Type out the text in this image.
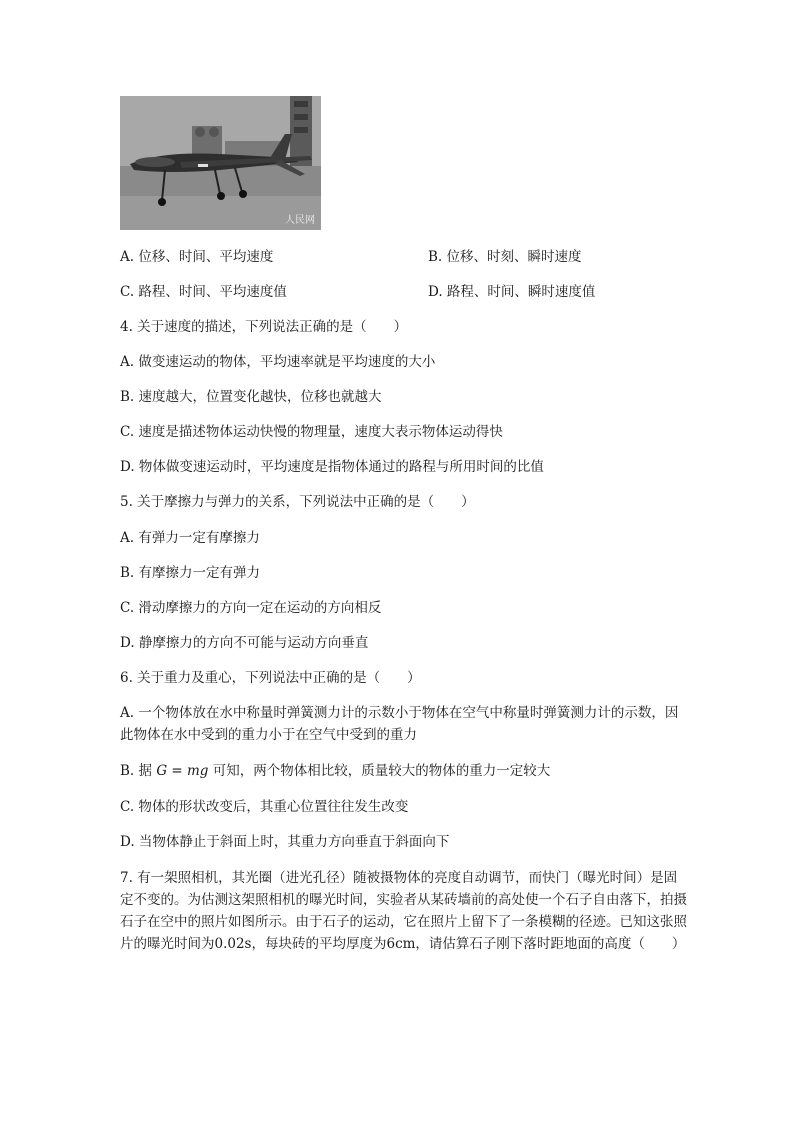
人民网
A. 位移、时间、平均速度	B. 位移、时刻、瞬时速度
C. 路程、时间、平均速度值	D. 路程、时间、瞬时速度值
4. 关于速度的描述，下列说法正确的是（　　）
A. 做变速运动的物体，平均速率就是平均速度的大小
B. 速度越大，位置变化越快，位移也就越大
C. 速度是描述物体运动快慢的物理量，速度大表示物体运动得快
D. 物体做变速运动时，平均速度是指物体通过的路程与所用时间的比值
5. 关于摩擦力与弹力的关系，下列说法中正确的是（　　）
A. 有弹力一定有摩擦力
B. 有摩擦力一定有弹力
C. 滑动摩擦力的方向一定在运动的方向相反
D. 静摩擦力的方向不可能与运动方向垂直
6. 关于重力及重心，下列说法中正确的是（　　）
A. 一个物体放在水中称量时弹簧测力计的示数小于物体在空气中称量时弹簧测力计的示数，因此物体在水中受到的重力小于在空气中受到的重力
B. 据 G = mg 可知，两个物体相比较，质量较大的物体的重力一定较大
C. 物体的形状改变后，其重心位置往往发生改变
D. 当物体静止于斜面上时，其重力方向垂直于斜面向下
7. 有一架照相机，其光圈（进光孔径）随被摄物体的亮度自动调节，而快门（曝光时间）是固定不变的。为估测这架照相机的曝光时间，实验者从某砖墙前的高处使一个石子自由落下，拍摄石子在空中的照片如图所示。由于石子的运动，它在照片上留下了一条模糊的径迹。已知这张照片的曝光时间为0.02s，每块砖的平均厚度为6cm，请估算石子刚下落时距地面的高度（　　）
